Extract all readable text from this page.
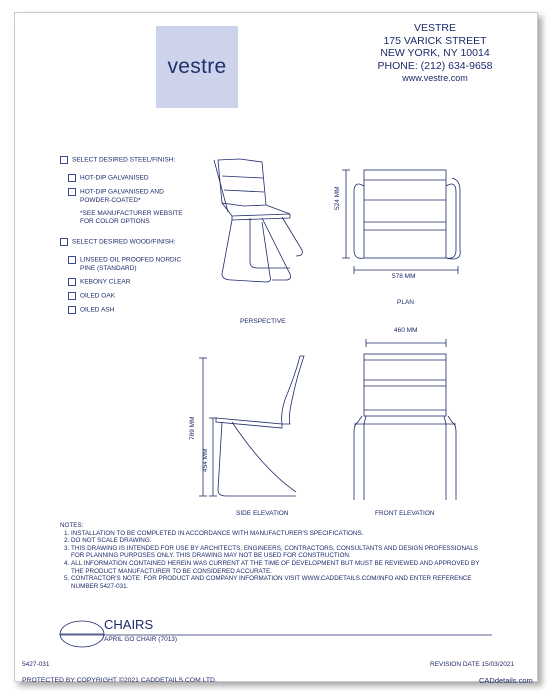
vestre
VESTRE
175 VARICK STREET
NEW YORK, NY 10014
PHONE: (212) 634-9658
www.vestre.com
SELECT DESIRED STEEL/FINISH:
HOT-DIP GALVANISED
HOT-DIP GALVANISED AND
POWDER-COATED*
*SEE MANUFACTURER WEBSITE
FOR COLOR OPTIONS
SELECT DESIRED WOOD/FINISH:
LINSEED OIL PROOFED NORDIC
PINE (STANDARD)
KEBONY CLEAR
OILED OAK
OILED ASH
524 MM
578 MM
PLAN
PERSPECTIVE
460 MM
789 MM
454 MM
SIDE ELEVATION	FRONT ELEVATION
NOTES:
1. INSTALLATION TO BE COMPLETED IN ACCORDANCE WITH MANUFACTURER'S SPECIFICATIONS.
2. DO NOT SCALE DRAWING.
3. THIS DRAWING IS INTENDED FOR USE BY ARCHITECTS, ENGINEERS, CONTRACTORS, CONSULTANTS AND DESIGN PROFESSIONALS FOR PLANNING PURPOSES ONLY. THIS DRAWING MAY NOT BE USED FOR CONSTRUCTION.
4. ALL INFORMATION CONTAINED HEREIN WAS CURRENT AT THE TIME OF DEVELOPMENT BUT MUST BE REVIEWED AND APPROVED BY THE PRODUCT MANUFACTURER TO BE CONSIDERED ACCURATE.
5. CONTRACTOR'S NOTE: FOR PRODUCT AND COMPANY INFORMATION VISIT WWW.CADDETAILS.COM/INFO AND ENTER REFERENCE NUMBER 5427-031.
CHAIRS
APRIL GO CHAIR (7013)
5427-031	REVISION DATE 15/03/2021
PROTECTED BY COPYRIGHT ©2021 CADDETAILS.COM LTD.	CADdetails.com
